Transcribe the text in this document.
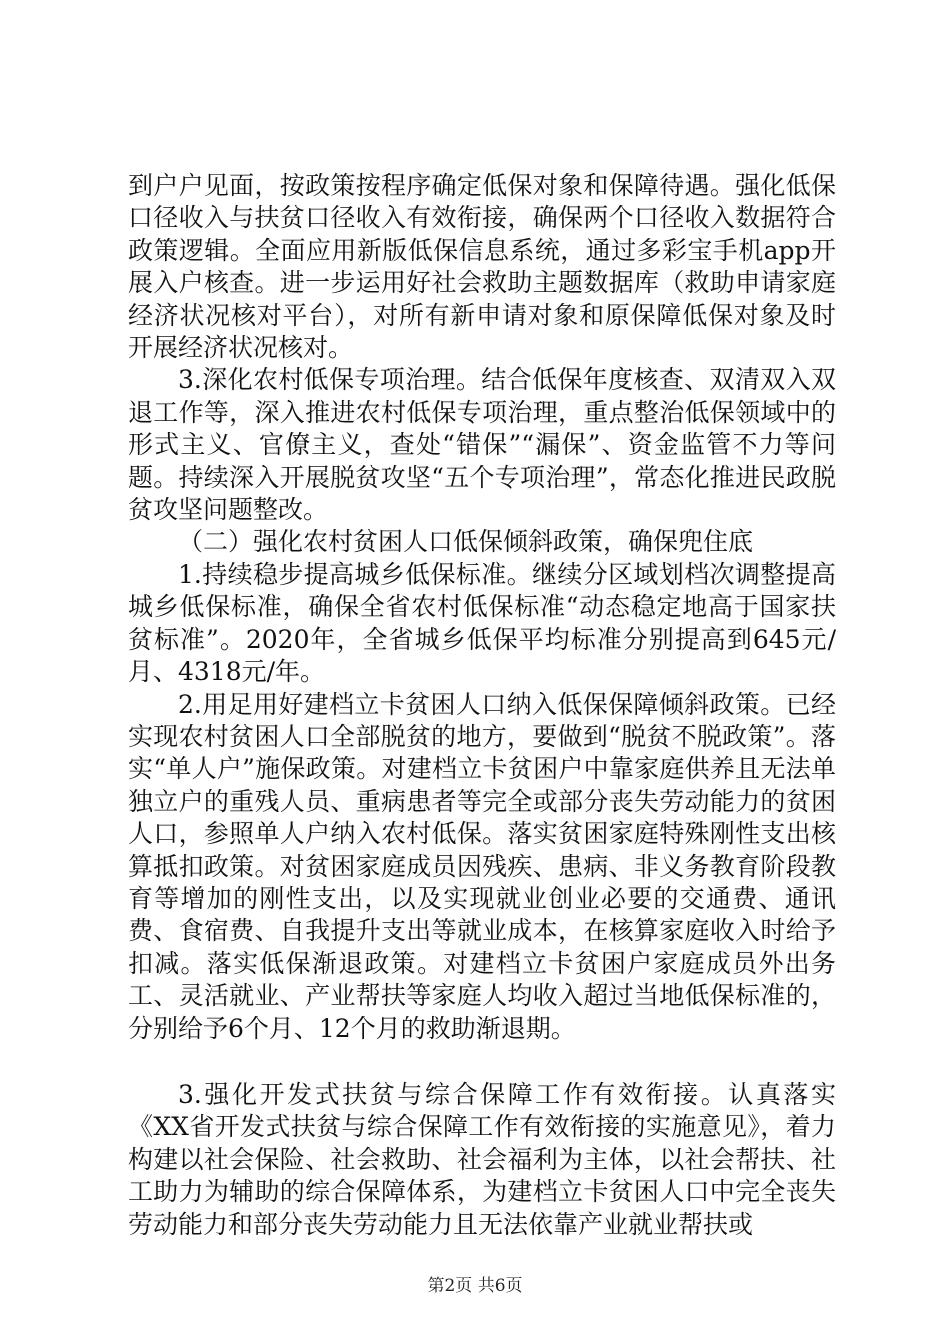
到户户见面，按政策按程序确定低保对象和保障待遇。强化低保口径收入与扶贫口径收入有效衔接，确保两个口径收入数据符合政策逻辑。全面应用新版低保信息系统，通过多彩宝手机app开展入户核查。进一步运用好社会救助主题数据库（救助申请家庭经济状况核对平台），对所有新申请对象和原保障低保对象及时开展经济状况核对。

3.深化农村低保专项治理。结合低保年度核查、双清双入双退工作等，深入推进农村低保专项治理，重点整治低保领域中的形式主义、官僚主义，查处“错保”“漏保”、资金监管不力等问题。持续深入开展脱贫攻坚“五个专项治理”，常态化推进民政脱贫攻坚问题整改。

（二）强化农村贫困人口低保倾斜政策，确保兜住底

1.持续稳步提高城乡低保标准。继续分区域划档次调整提高城乡低保标准，确保全省农村低保标准“动态稳定地高于国家扶贫标准”。2020年，全省城乡低保平均标准分别提高到645元/月、4318元/年。

2.用足用好建档立卡贫困人口纳入低保保障倾斜政策。已经实现农村贫困人口全部脱贫的地方，要做到“脱贫不脱政策”。落实“单人户”施保政策。对建档立卡贫困户中靠家庭供养且无法单独立户的重残人员、重病患者等完全或部分丧失劳动能力的贫困人口，参照单人户纳入农村低保。落实贫困家庭特殊刚性支出核算抵扣政策。对贫困家庭成员因残疾、患病、非义务教育阶段教育等增加的刚性支出，以及实现就业创业必要的交通费、通讯费、食宿费、自我提升支出等就业成本，在核算家庭收入时给予扣减。落实低保渐退政策。对建档立卡贫困户家庭成员外出务工、灵活就业、产业帮扶等家庭人均收入超过当地低保标准的，分别给予6个月、12个月的救助渐退期。

3.强化开发式扶贫与综合保障工作有效衔接。认真落实《XX省开发式扶贫与综合保障工作有效衔接的实施意见》，着力构建以社会保险、社会救助、社会福利为主体，以社会帮扶、社工助力为辅助的综合保障体系，为建档立卡贫困人口中完全丧失劳动能力和部分丧失劳动能力且无法依靠产业就业帮扶或

第2页 共6页
